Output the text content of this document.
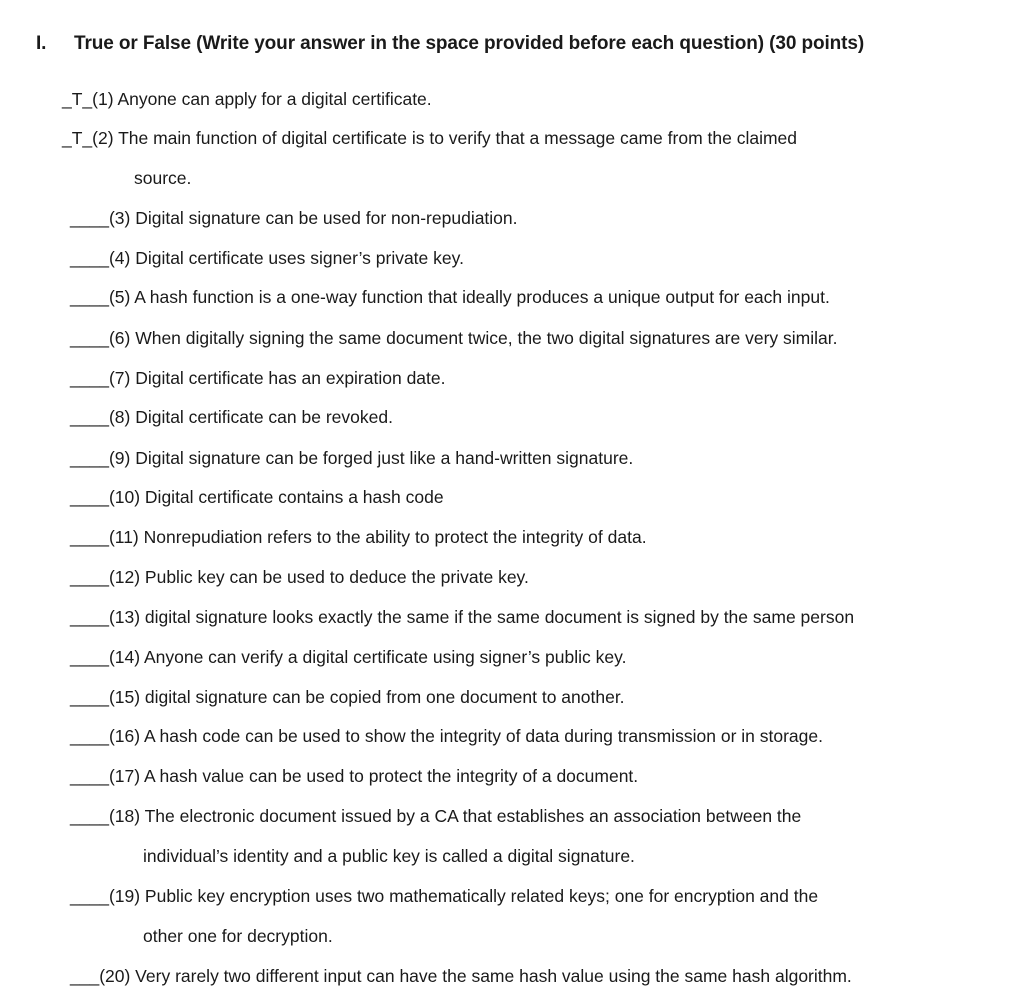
I. True or False (Write your answer in the space provided before each question) (30 points)
_T_(1) Anyone can apply for a digital certificate.
_T_(2) The main function of digital certificate is to verify that a message came from the claimed
source.
____(3) Digital signature can be used for non-repudiation.
____(4) Digital certificate uses signer’s private key.
____(5) A hash function is a one-way function that ideally produces a unique output for each input.
____(6) When digitally signing the same document twice, the two digital signatures are very similar.
____(7) Digital certificate has an expiration date.
____(8) Digital certificate can be revoked.
____(9) Digital signature can be forged just like a hand-written signature.
____(10) Digital certificate contains a hash code
____(11) Nonrepudiation refers to the ability to protect the integrity of data.
____(12) Public key can be used to deduce the private key.
____(13) digital signature looks exactly the same if the same document is signed by the same person
____(14) Anyone can verify a digital certificate using signer’s public key.
____(15) digital signature can be copied from one document to another.
____(16) A hash code can be used to show the integrity of data during transmission or in storage.
____(17) A hash value can be used to protect the integrity of a document.
____(18) The electronic document issued by a CA that establishes an association between the
individual’s identity and a public key is called a digital signature.
____(19) Public key encryption uses two mathematically related keys; one for encryption and the
other one for decryption.
___(20) Very rarely two different input can have the same hash value using the same hash algorithm.
